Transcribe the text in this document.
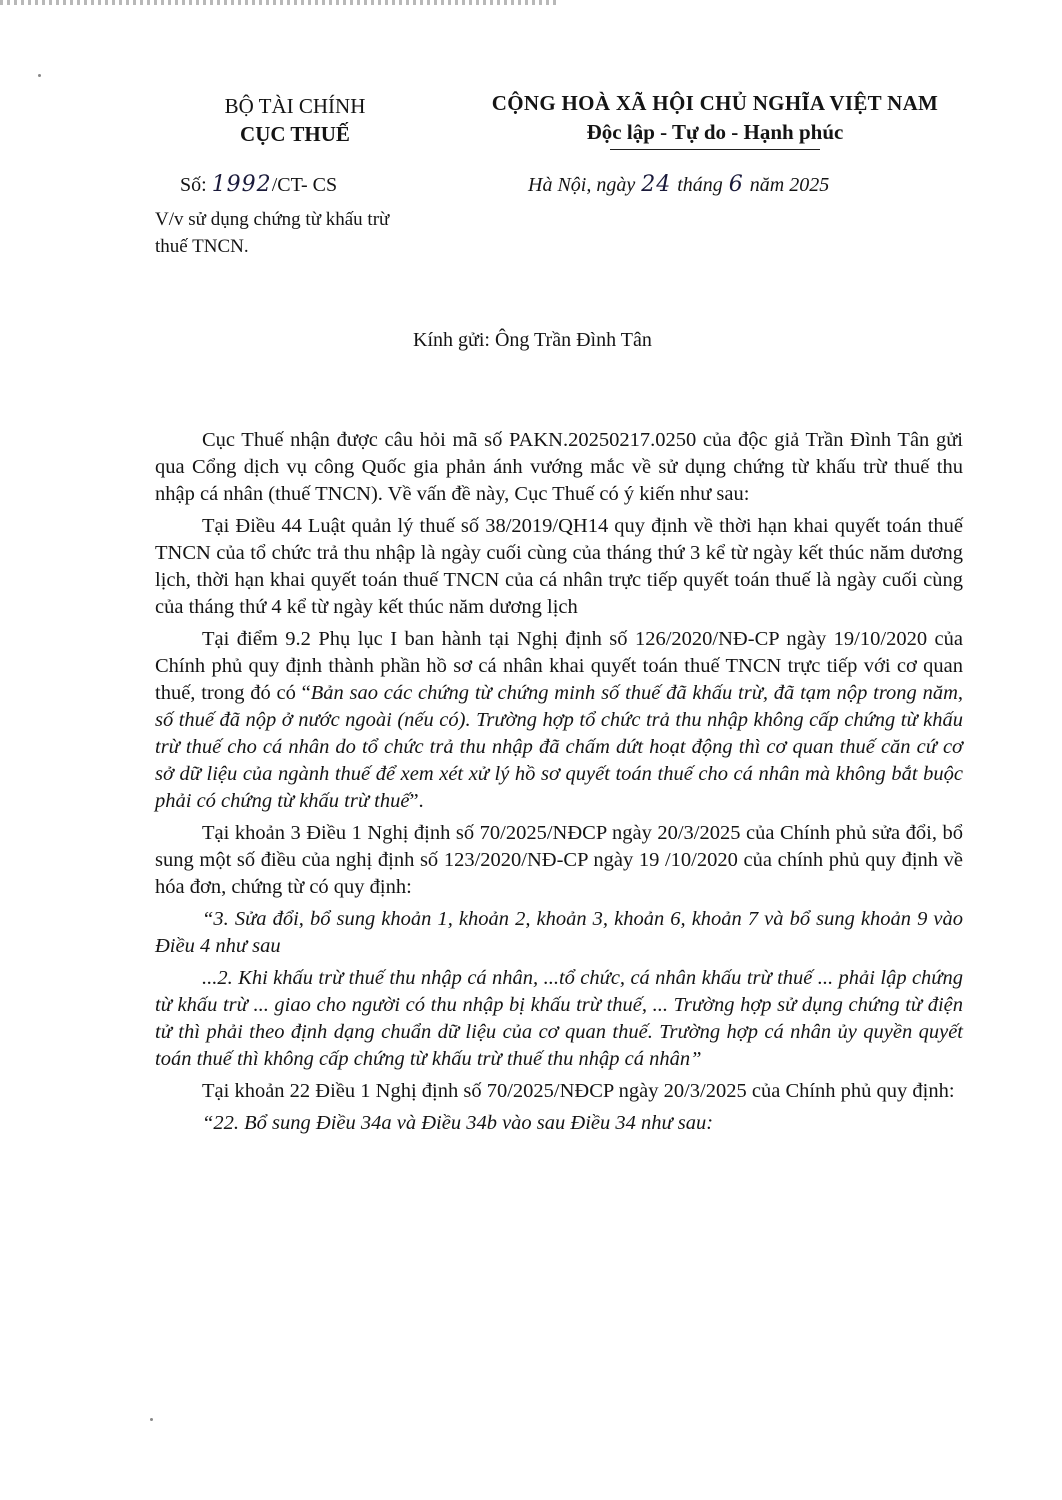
BỘ TÀI CHÍNH
CỤC THUẾ
CỘNG HOÀ XÃ HỘI CHỦ NGHĨA VIỆT NAM
Độc lập - Tự do - Hạnh phúc
Số: 1992/CT- CS
V/v sử dụng chứng từ khấu trừ
thuế TNCN.
Hà Nội, ngày 24 tháng 6 năm 2025
Kính gửi: Ông Trần Đình Tân

Cục Thuế nhận được câu hỏi mã số PAKN.20250217.0250 của độc giả Trần Đình Tân gửi qua Cổng dịch vụ công Quốc gia phản ánh vướng mắc về sử dụng chứng từ khấu trừ thuế thu nhập cá nhân (thuế TNCN). Về vấn đề này, Cục Thuế có ý kiến như sau:

Tại Điều 44 Luật quản lý thuế số 38/2019/QH14 quy định về thời hạn khai quyết toán thuế TNCN của tổ chức trả thu nhập là ngày cuối cùng của tháng thứ 3 kể từ ngày kết thúc năm dương lịch, thời hạn khai quyết toán thuế TNCN của cá nhân trực tiếp quyết toán thuế là ngày cuối cùng của tháng thứ 4 kể từ ngày kết thúc năm dương lịch

Tại điểm 9.2 Phụ lục I ban hành tại Nghị định số 126/2020/NĐ-CP ngày 19/10/2020 của Chính phủ quy định thành phần hồ sơ cá nhân khai quyết toán thuế TNCN trực tiếp với cơ quan thuế, trong đó có “Bản sao các chứng từ chứng minh số thuế đã khấu trừ, đã tạm nộp trong năm, số thuế đã nộp ở nước ngoài (nếu có). Trường hợp tổ chức trả thu nhập không cấp chứng từ khấu trừ thuế cho cá nhân do tổ chức trả thu nhập đã chấm dứt hoạt động thì cơ quan thuế căn cứ cơ sở dữ liệu của ngành thuế để xem xét xử lý hồ sơ quyết toán thuế cho cá nhân mà không bắt buộc phải có chứng từ khấu trừ thuế”.

Tại khoản 3 Điều 1 Nghị định số 70/2025/NĐCP ngày 20/3/2025 của Chính phủ sửa đổi, bổ sung một số điều của nghị định số 123/2020/NĐ-CP ngày 19 /10/2020 của chính phủ quy định về hóa đơn, chứng từ có quy định:

“3. Sửa đổi, bổ sung khoản 1, khoản 2, khoản 3, khoản 6, khoản 7 và bổ sung khoản 9 vào Điều 4 như sau

...2. Khi khấu trừ thuế thu nhập cá nhân, ...tổ chức, cá nhân khấu trừ thuế ... phải lập chứng từ khấu trừ ... giao cho người có thu nhập bị khấu trừ thuế, ... Trường hợp sử dụng chứng từ điện tử thì phải theo định dạng chuẩn dữ liệu của cơ quan thuế. Trường hợp cá nhân ủy quyền quyết toán thuế thì không cấp chứng từ khấu trừ thuế thu nhập cá nhân”

Tại khoản 22 Điều 1 Nghị định số 70/2025/NĐCP ngày 20/3/2025 của Chính phủ quy định:

“22. Bổ sung Điều 34a và Điều 34b vào sau Điều 34 như sau:
